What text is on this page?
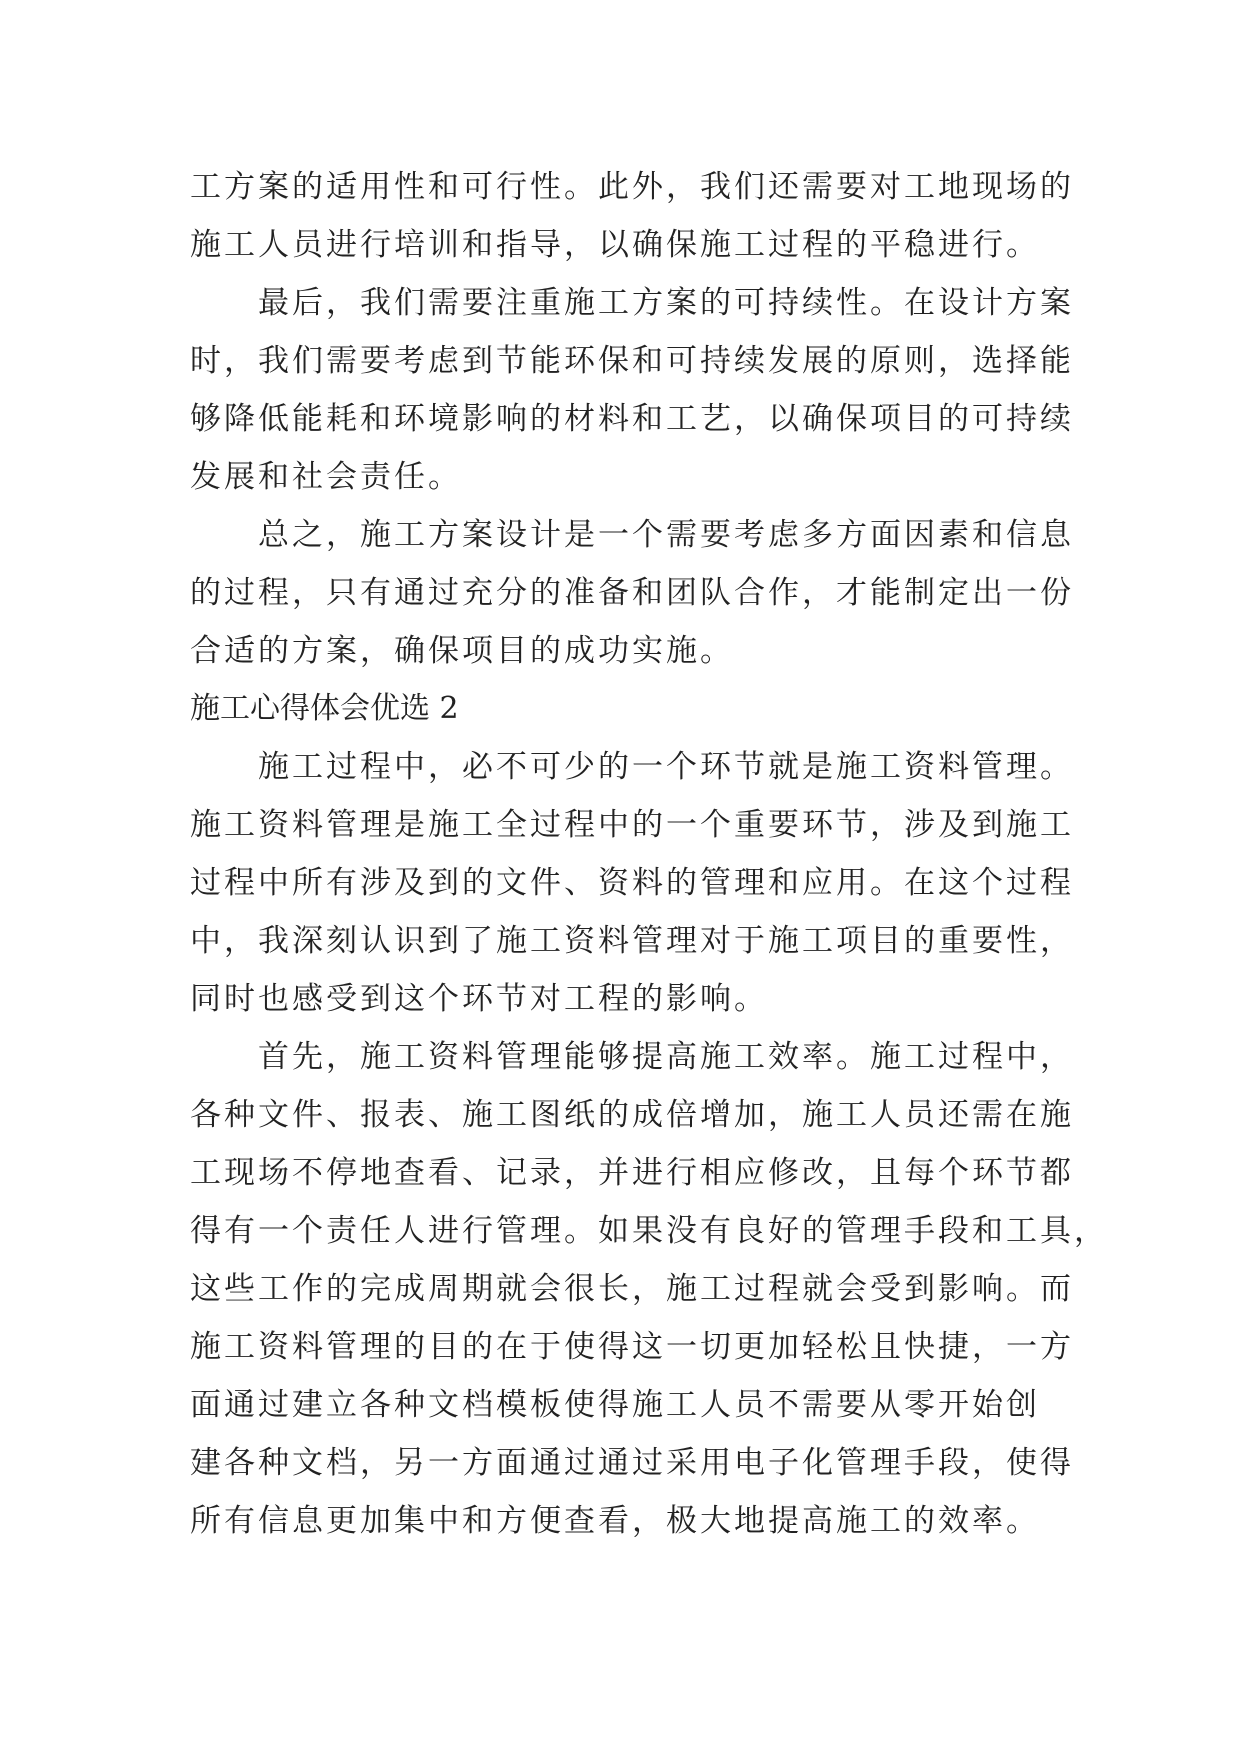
工方案的适用性和可行性。此外，我们还需要对工地现场的
施工人员进行培训和指导，以确保施工过程的平稳进行。
最后，我们需要注重施工方案的可持续性。在设计方案
时，我们需要考虑到节能环保和可持续发展的原则，选择能
够降低能耗和环境影响的材料和工艺，以确保项目的可持续
发展和社会责任。
总之，施工方案设计是一个需要考虑多方面因素和信息
的过程，只有通过充分的准备和团队合作，才能制定出一份
合适的方案，确保项目的成功实施。
施工心得体会优选 2
施工过程中，必不可少的一个环节就是施工资料管理。
施工资料管理是施工全过程中的一个重要环节，涉及到施工
过程中所有涉及到的文件、资料的管理和应用。在这个过程
中，我深刻认识到了施工资料管理对于施工项目的重要性，
同时也感受到这个环节对工程的影响。
首先，施工资料管理能够提高施工效率。施工过程中，
各种文件、报表、施工图纸的成倍增加，施工人员还需在施
工现场不停地查看、记录，并进行相应修改，且每个环节都
得有一个责任人进行管理。如果没有良好的管理手段和工具，
这些工作的完成周期就会很长，施工过程就会受到影响。而
施工资料管理的目的在于使得这一切更加轻松且快捷，一方
面通过建立各种文档模板使得施工人员不需要从零开始创
建各种文档，另一方面通过通过采用电子化管理手段，使得
所有信息更加集中和方便查看，极大地提高施工的效率。
